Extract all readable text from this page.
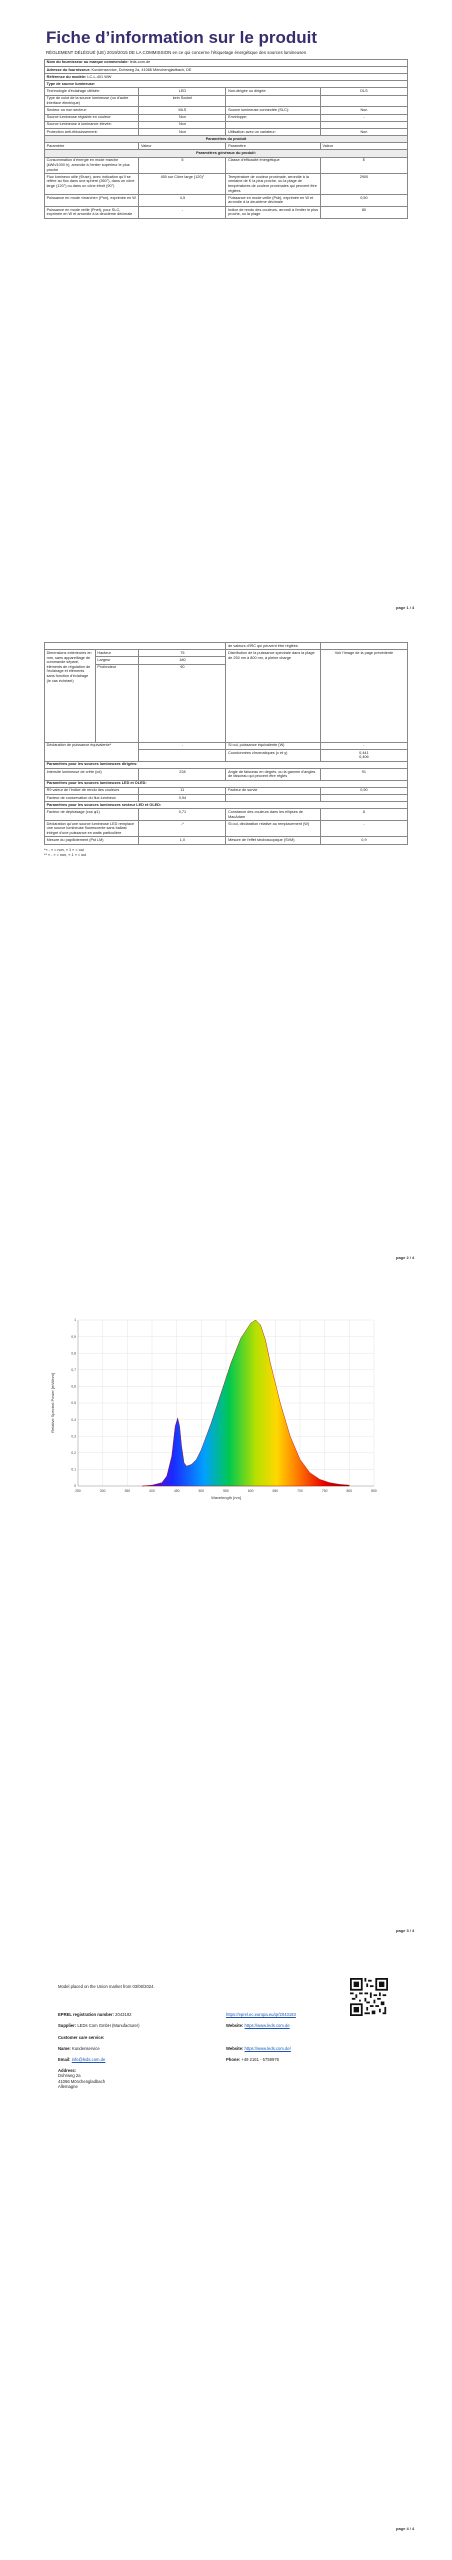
Fiche d’information sur le produit
RÈGLEMENT DÉLÉGUÉ (UE) 2019/2015 DE LA COMMISSION en ce qui concerne l’étiquetage énergétique des sources lumineuses
Nom du fournisseur ou marque commerciale: leds.com.de			
Adresse du fournisseur: Kundenservice, Dohrweg 2a, 41066 Mönchengladbach, DE			
Référence du modèle: LC-L-401 WW			
Type de source lumineuse:			
Technologie d'éclairage utilisée:	LED	Non-dirigée ou dirigée:	DLS
Type de culot de la source lumineuse (ou d'autre interface électrique)	kein Sockel		
Secteur ou non secteur:	MLS	Source lumineuse connectée (SLC):	Non
Source lumineuse réglable en couleur:	Non	Enveloppe:	-
Source lumineuse à luminance élevée:	Non		
Protection anti-éblouissement:	Non	Utilisation avec un variateur:	Non
Paramètres du produit			
Paramètre	Valeur	Paramètre	Valeur
Paramètres généraux du produit:			
Consommation d'énergie en mode marche (kWh/1000 h), arrondie à l'entier supérieur le plus proche	5	Classe d'efficacité énergétique	E
Flux lumineux utile (Φuse), avec indication qu'il se réfère au flux dans une sphère (360°), dans un cône large (120°) ou dans un cône étroit (90°)	450 sur Cône large (120)°	Température de couleur proximale, arrondie à la centaine de K la plus proche, ou la plage de températures de couleur proximales qui peuvent être réglées	2900
Puissance en mode «marche» (Pon), exprimée en W	4,5	Puissance en mode veille (Psb), exprimée en W et arrondie à la deuxième décimale	0,50
Puissance en mode veille (Pnet), pour SLC, exprimée en W et arrondie à la deuxième décimale	-	Indice de rendu des couleurs, arrondi à l'entier le plus proche, ou la plage	80
page 1 / 4
			de valeurs d'IRC qui peuvent être réglées	
Dimensions extérieures en mm, sans appareillage de commande séparé, éléments de régulation de l'éclairage et éléments sans fonction d'éclairage (le cas échéant)	Hauteur	75	Distribution de la puissance spectrale dans la plage de 250 nm à 800 nm, à pleine charge	Voir l'image de la page précédente
	Largeur	180		
	Profondeur	90		
Déclaration de puissance équivalente*		-	Si oui, puissance équivalente (W)	-
			Coordonnées chromatiques (x et y)	0,441
0,406
Paramètres pour les sources lumineuses dirigées:				
Intensité lumineuse de crête (cd)		228	Angle de faisceau en degrés, ou la gamme d'angles de faisceau qui peuvent être réglés	91
Paramètres pour les sources lumineuses LED et OLED:				
R9 valeur de l'indice de rendu des couleurs		11	Facteur de survie	0,90
Facteur de conservation du flux lumineux		0,94		
Paramètres pour les sources lumineuses secteur LED et OLED:				
Facteur de déphasage (cos φ1)		0,71	Constance des couleurs dans les ellipses de MacAdam	6
Déclaration qu'une source lumineuse LED remplace une source lumineuse fluorescente sans ballast intégré d'une puissance en watts particulière		-*	Si oui, déclaration relative au remplacement (W)	-
Mesure du papillotement (Pst LM)		1,0	Mesure de l'effet stroboscopique (SVM)	0,9
*« - » = non, « 1 » = oui
** « - » = non, « 1 » = oui
page 2 / 4
250	300	350	400	450	500	550	600	650	700	750	800	850
0
0,1
0,2
0,3
0,4
0,5
0,6
0,7
0,8
0,9
1
Wavelength [nm]
Relative Spectral Power [mW/nm]
page 3 / 4
Model placed on the Union market from 03/06/2024.
EPREL registration number: 2043192	https://eprel.ec.europa.eu/qr/2043193
Supplier: LEDs Com GmbH (Manufacturer)	Website: https://www.leds.com.de
Customer care service:	
Name: Kundenservice	Website: https://www.leds.com.de/
Email: info@leds.com.de	Phone: +49 2161 - 5759976

Address:
Dohrweg 2a
41066 Mönchengladbach
Allemagne	
page 4 / 4
